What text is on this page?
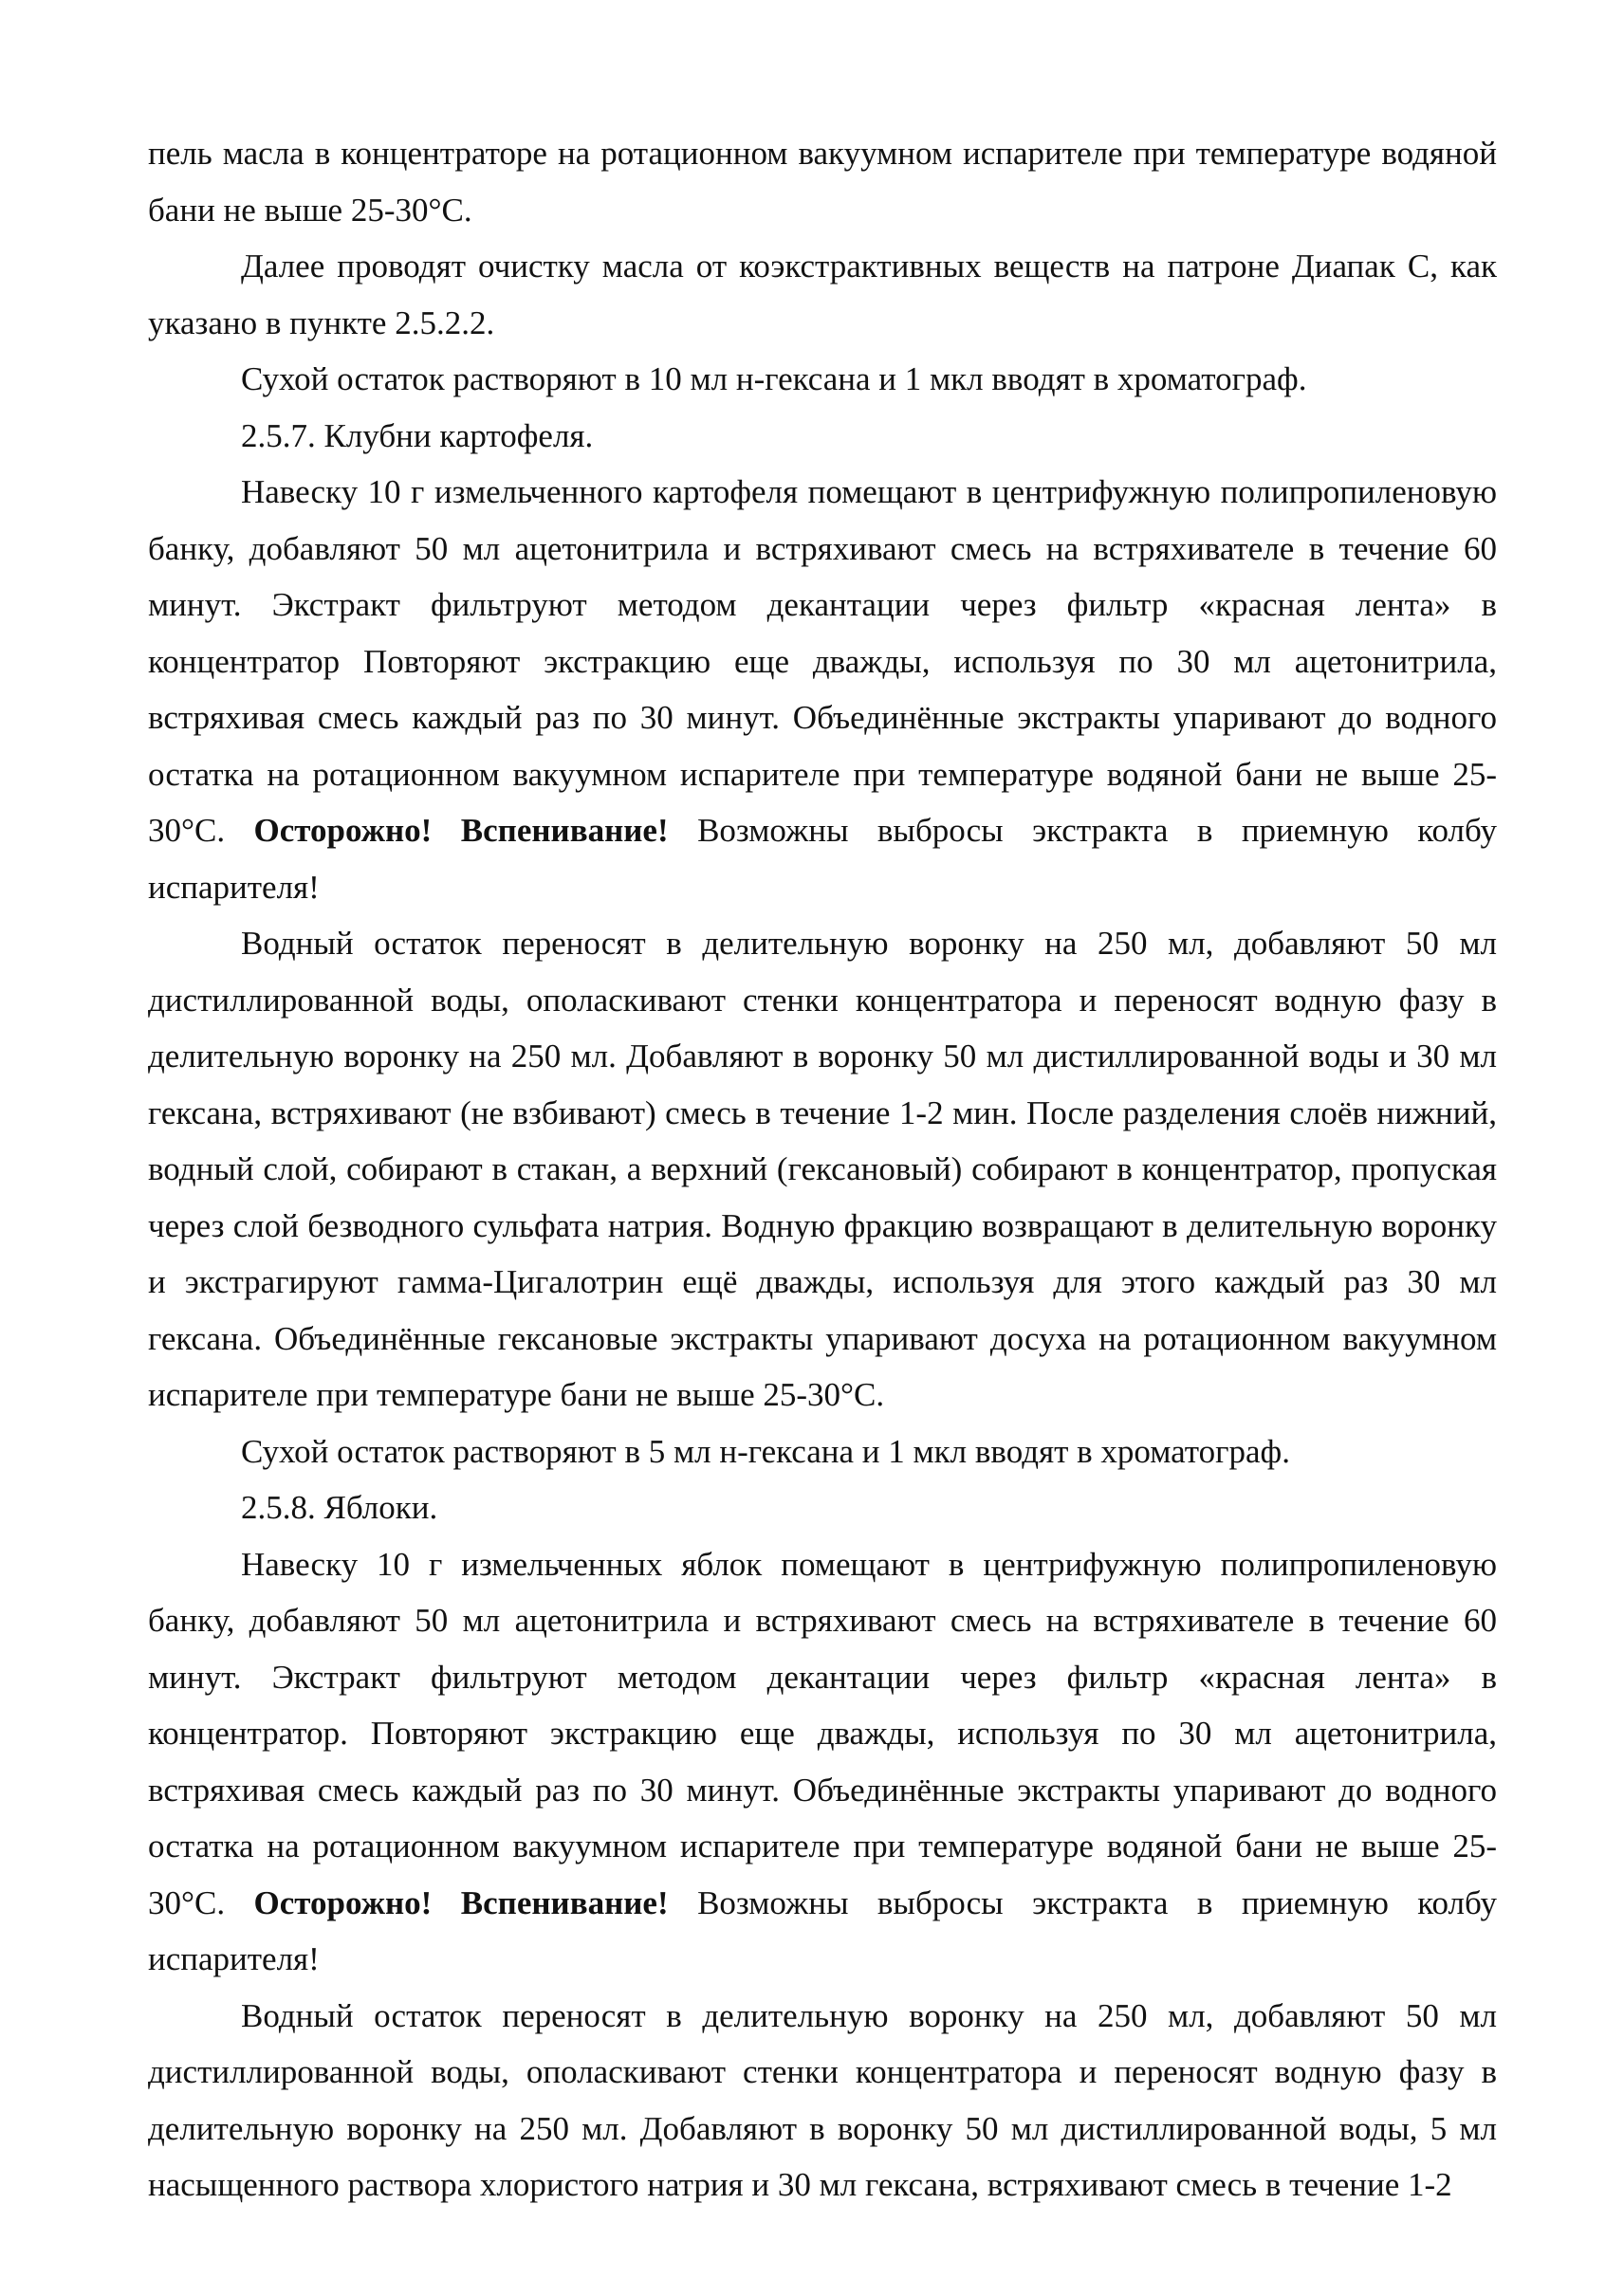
пель масла в концентраторе на ротационном вакуумном испарителе при температуре водяной бани не выше 25-30°С.

Далее проводят очистку масла от коэкстрактивных веществ на патроне Диапак С, как указано в пункте 2.5.2.2.

Сухой остаток растворяют в 10 мл н-гексана и 1 мкл вводят в хроматограф.

2.5.7. Клубни картофеля.

Навеску 10 г измельченного картофеля помещают в центрифужную полипропиленовую банку, добавляют 50 мл ацетонитрила и встряхивают смесь на встряхивателе в течение 60 минут. Экстракт фильтруют методом декантации через фильтр «красная лента» в концентратор Повторяют экстракцию еще дважды, используя по 30 мл ацетонитрила, встряхивая смесь каждый раз по 30 минут. Объединённые экстракты упаривают до водного остатка на ротационном вакуумном испарителе при температуре водяной бани не выше 25-30°С. Осторожно! Вспенивание! Возможны выбросы экстракта в приемную колбу испарителя!

Водный остаток переносят в делительную воронку на 250 мл, добавляют 50 мл дистиллированной воды, ополаскивают стенки концентратора и переносят водную фазу в делительную воронку на 250 мл. Добавляют в воронку 50 мл дистиллированной воды и 30 мл гексана, встряхивают (не взбивают) смесь в течение 1-2 мин. После разделения слоёв нижний, водный слой, собирают в стакан, а верхний (гексановый) собирают в концентратор, пропуская через слой безводного сульфата натрия. Водную фракцию возвращают в делительную воронку и экстрагируют гамма-Цигалотрин ещё дважды, используя для этого каждый раз 30 мл гексана. Объединённые гексановые экстракты упаривают досуха на ротационном вакуумном испарителе при температуре бани не выше 25-30°С.

Сухой остаток растворяют в 5 мл н-гексана и 1 мкл вводят в хроматограф.

2.5.8. Яблоки.

Навеску 10 г измельченных яблок помещают в центрифужную полипропиленовую банку, добавляют 50 мл ацетонитрила и встряхивают смесь на встряхивателе в течение 60 минут. Экстракт фильтруют методом декантации через фильтр «красная лента» в концентратор. Повторяют экстракцию еще дважды, используя по 30 мл ацетонитрила, встряхивая смесь каждый раз по 30 минут. Объединённые экстракты упаривают до водного остатка на ротационном вакуумном испарителе при температуре водяной бани не выше 25-30°С. Осторожно! Вспенивание! Возможны выбросы экстракта в приемную колбу испарителя!

Водный остаток переносят в делительную воронку на 250 мл, добавляют 50 мл дистиллированной воды, ополаскивают стенки концентратора и переносят водную фазу в делительную воронку на 250 мл. Добавляют в воронку 50 мл дистиллированной воды, 5 мл насыщенного раствора хлористого натрия и 30 мл гексана, встряхивают смесь в течение 1-2
